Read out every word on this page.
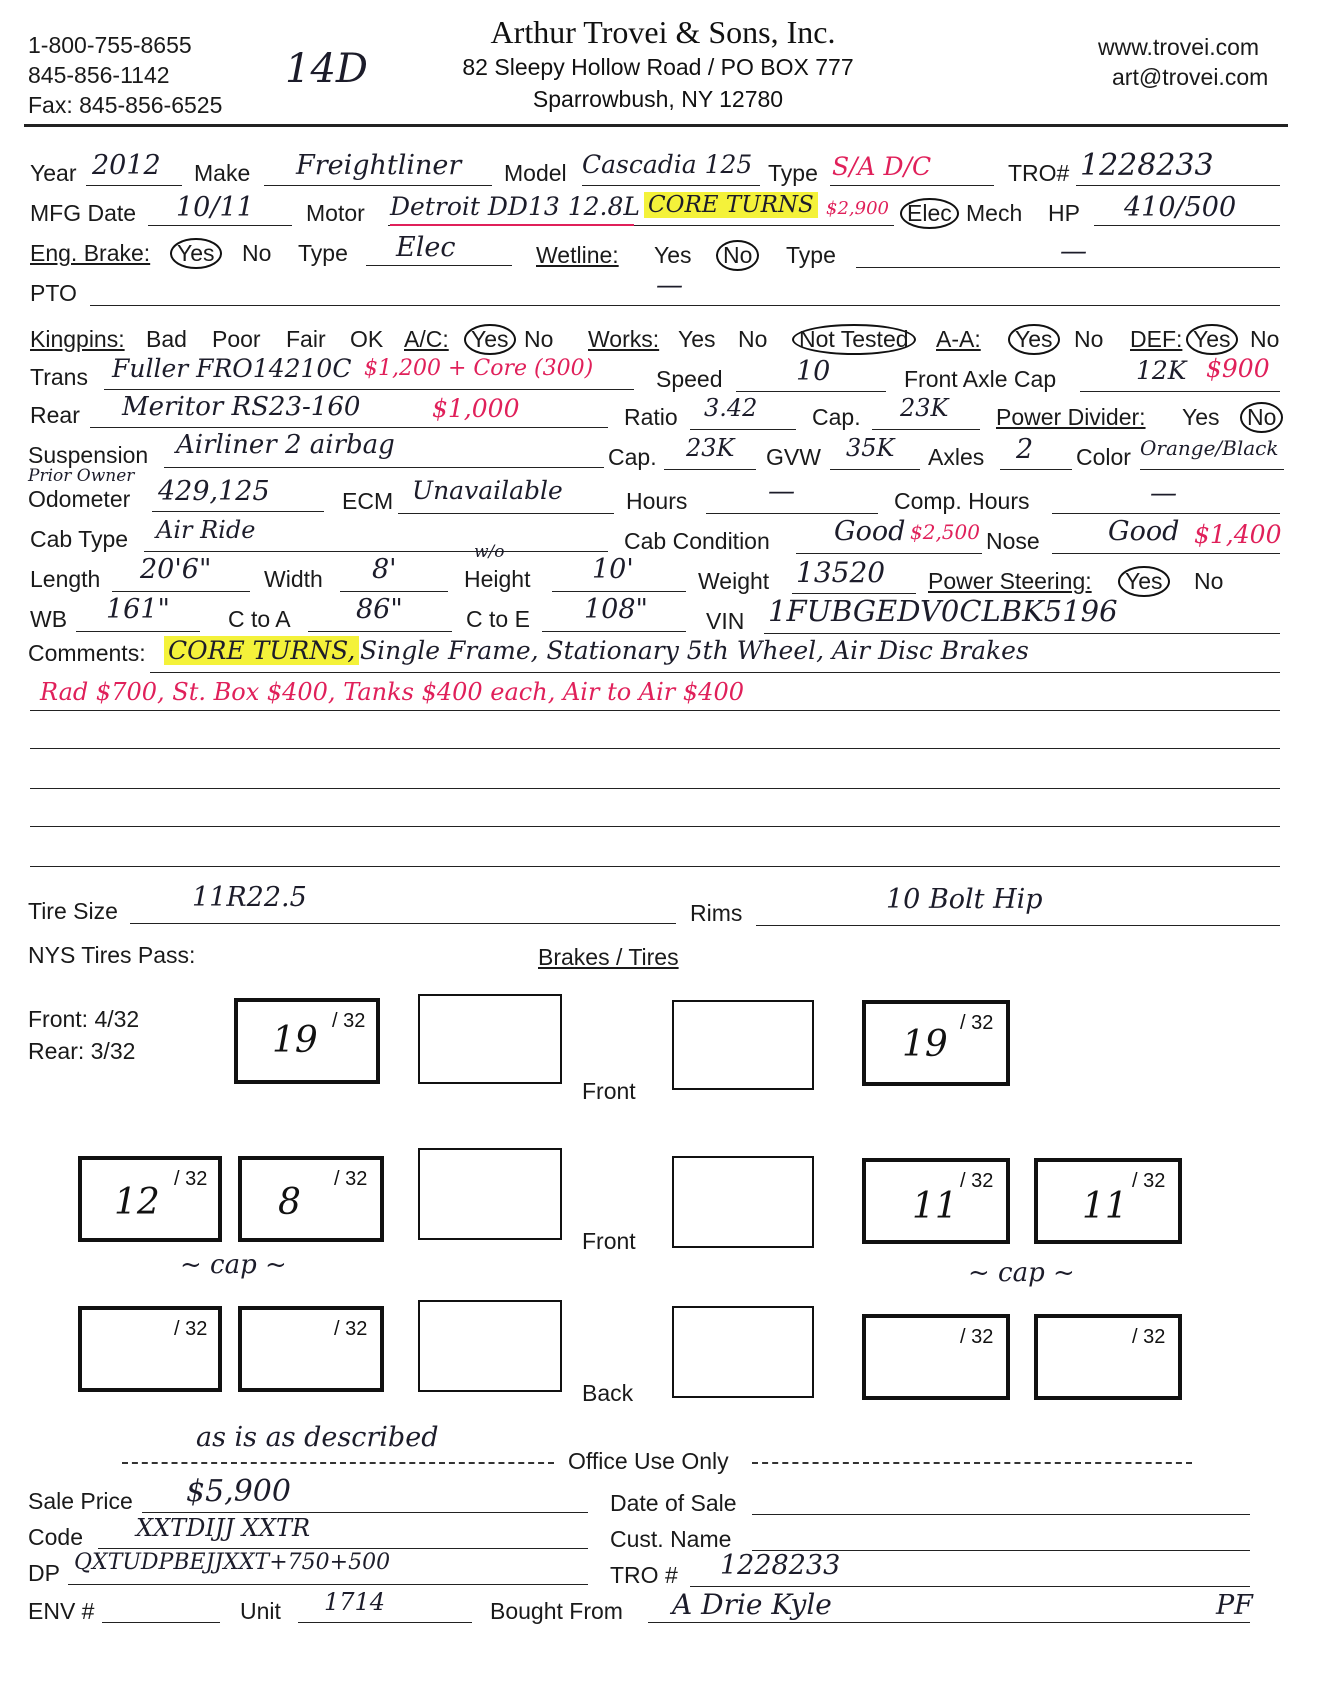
1-800-755-8655
845-856-1142
Fax: 845-856-6525
14D
Arthur Trovei & Sons, Inc.
82 Sleepy Hollow Road / PO BOX 777
Sparrowbush, NY 12780
www.trovei.com
art@trovei.com
Year 2012 Make Freightliner Model Cascadia 125 Type S/A D/C	TRO# 1228233
MFG Date 10/11 Motor Detroit DD13 12.8L CORE TURNS $2,900 Elec Mech HP 410/500
Eng. Brake:	Yes	No Type Elec	Wetline: Yes	No	Type	—
PTO	—
Kingpins: Bad Poor Fair OK A/C: Yes No Works: Yes No	Not Tested	A-A:	Yes No DEF: Yes No
Trans Fuller FRO14210C $1,200 + Core (300)	Speed	10	Front Axle Cap	12K $900
Rear Meritor RS23-160	$1,000	Ratio 3.42 Cap. 23K Power Divider: Yes	No
Suspension Airliner 2 airbag	Cap. 23K GVW 35K Axles 2 Color Orange/Black
Prior Owner
Odometer 429,125	ECM Unavailable	Hours	—	Comp. Hours	—
Cab Type Air Ride	Cab Condition Good $2,500 Nose	Good $1,400
Length 20'6" Width 8'
w/o
Height 10'	Weight 13520 Power Steering:	Yes	No
WB 161"	C to A 86"	C to E 108"	VIN 1FUBGEDV0CLBK5196
Comments: CORE TURNS, Single Frame, Stationary 5th Wheel, Air Disc Brakes
Rad $700, St. Box $400, Tanks $400 each, Air to Air $400
Tire Size	11R22.5	Rims	10 Bolt Hip
NYS Tires Pass:	Brakes / Tires
Front: 4/32
Rear: 3/32
/ 32
19
Front
/ 32
19
/ 32
12
/ 32
8
Front
/ 32
11
/ 32
11
~ cap ~	~ cap ~
/ 32	/ 32
Back
/ 32	/ 32
as is as described
Office Use Only
Sale Price $5,900	Date of Sale
Code XXTDIJJ XXTR	Cust. Name
DP QXTUDPBEJJXXT+750+500	TRO # 1228233
ENV #	Unit 1714	Bought From A Drie Kyle	PF
